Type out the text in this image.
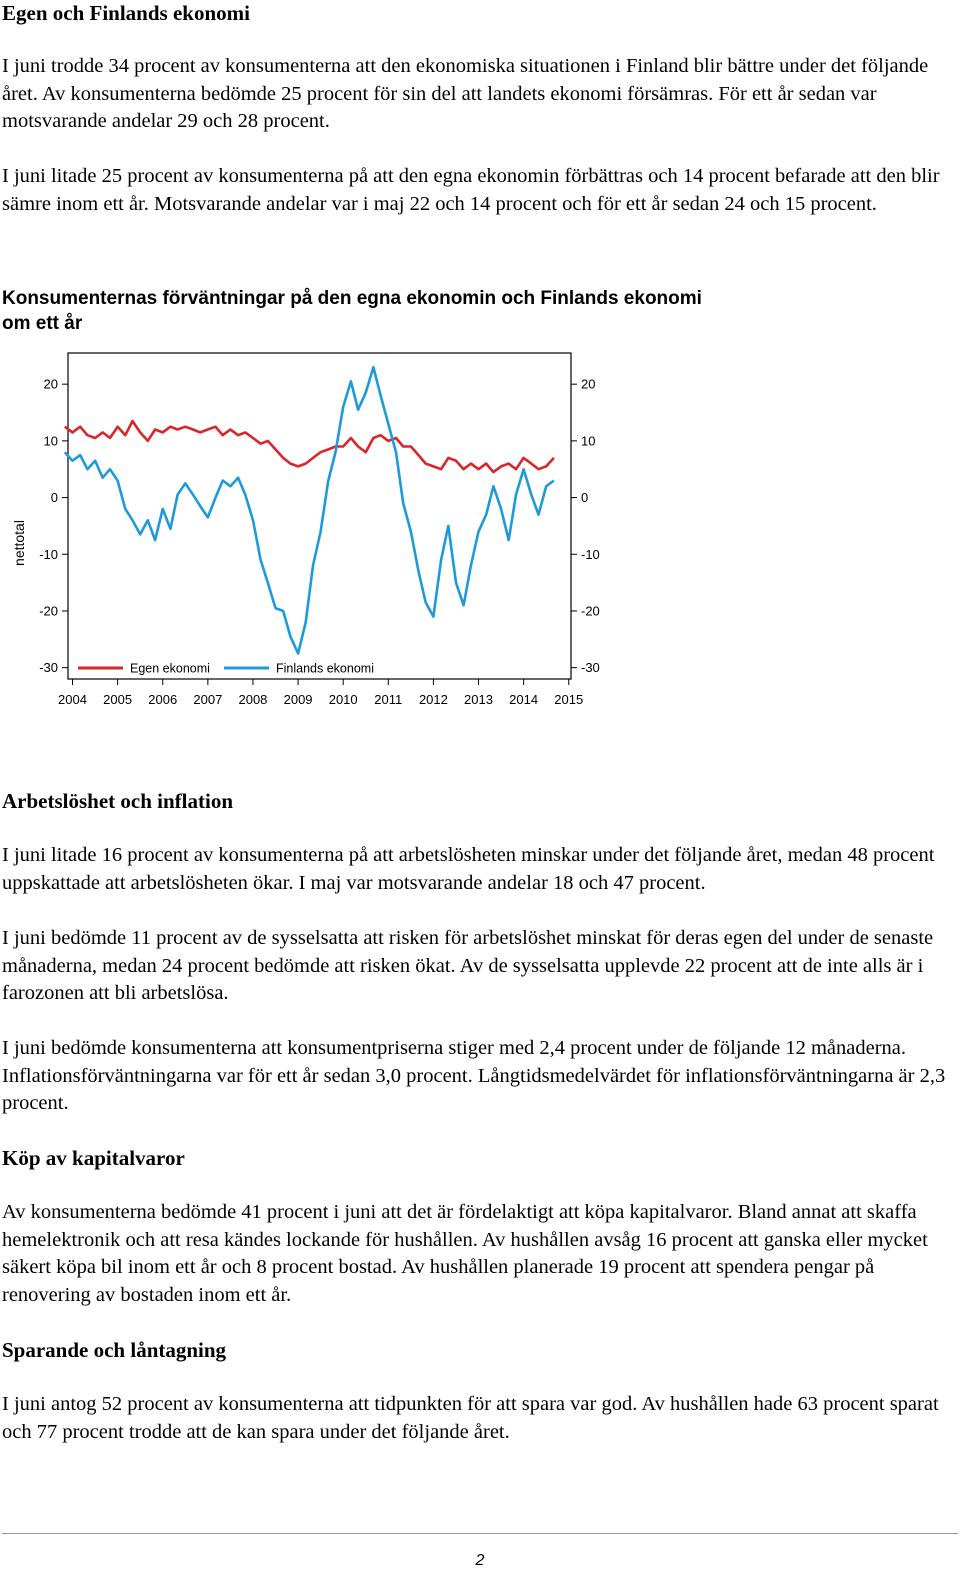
Egen och Finlands ekonomi

I juni trodde 34 procent av konsumenterna att den ekonomiska situationen i Finland blir bättre under det följande året. Av konsumenterna bedömde 25 procent för sin del att landets ekonomi försämras. För ett år sedan var motsvarande andelar 29 och 28 procent.

I juni litade 25 procent av konsumenterna på att den egna ekonomin förbättras och 14 procent befarade att den blir sämre inom ett år. Motsvarande andelar var i maj 22 och 14 procent och för ett år sedan 24 och 15 procent.

Konsumenternas förväntningar på den egna ekonomin och Finlands ekonomi om ett år
-30	-30
-20	-20
-10	-10
0	0
10	10
20	20
2004 2005 2006 2007 2008 2009 2010 2011 2012 2013 2014 2015
nettotal
Egen ekonomi	Finlands ekonomi
Arbetslöshet och inflation

I juni litade 16 procent av konsumenterna på att arbetslösheten minskar under det följande året, medan 48 procent uppskattade att arbetslösheten ökar. I maj var motsvarande andelar 18 och 47 procent.

I juni bedömde 11 procent av de sysselsatta att risken för arbetslöshet minskat för deras egen del under de senaste månaderna, medan 24 procent bedömde att risken ökat. Av de sysselsatta upplevde 22 procent att de inte alls är i farozonen att bli arbetslösa.

I juni bedömde konsumenterna att konsumentpriserna stiger med 2,4 procent under de följande 12 månaderna. Inflationsförväntningarna var för ett år sedan 3,0 procent. Långtidsmedelvärdet för inflationsförväntningarna är 2,3 procent.

Köp av kapitalvaror

Av konsumenterna bedömde 41 procent i juni att det är fördelaktigt att köpa kapitalvaror. Bland annat att skaffa hemelektronik och att resa kändes lockande för hushållen. Av hushållen avsåg 16 procent att ganska eller mycket säkert köpa bil inom ett år och 8 procent bostad. Av hushållen planerade 19 procent att spendera pengar på renovering av bostaden inom ett år.

Sparande och låntagning

I juni antog 52 procent av konsumenterna att tidpunkten för att spara var god. Av hushållen hade 63 procent sparat och 77 procent trodde att de kan spara under det följande året.

2
